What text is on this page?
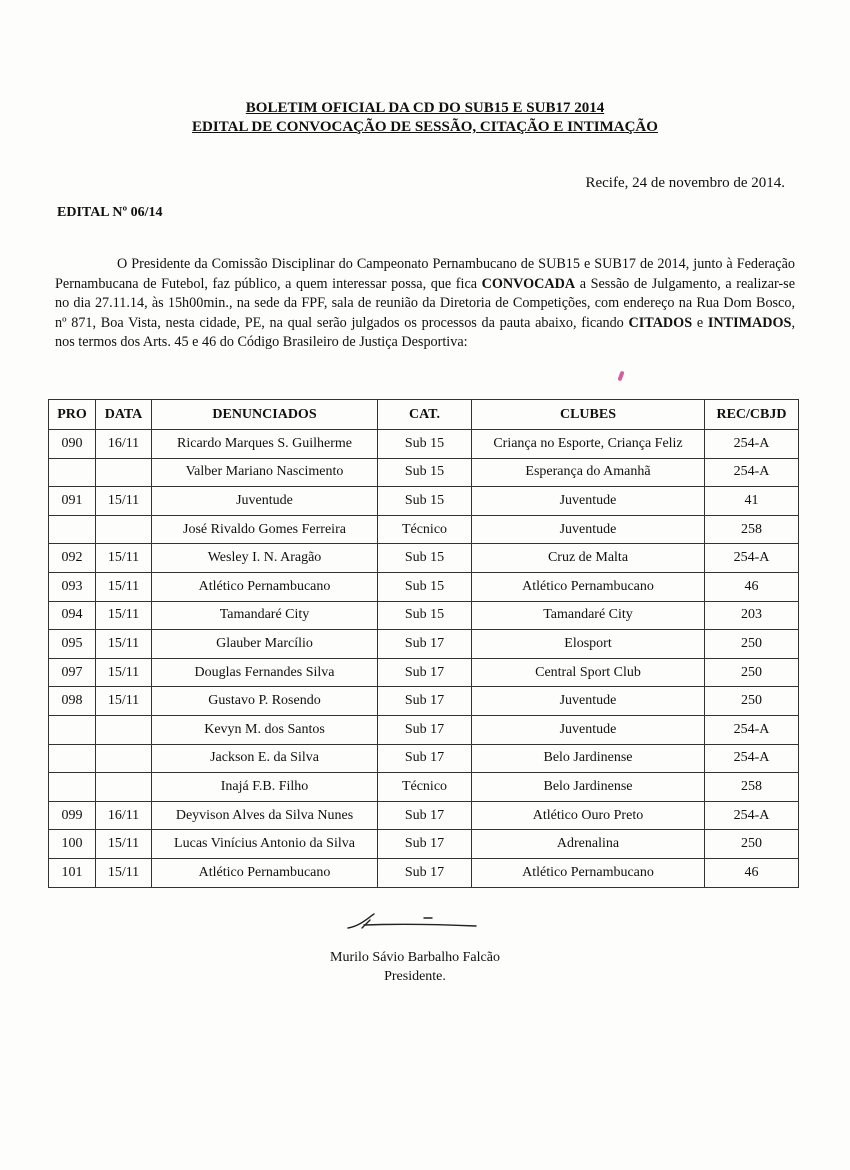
BOLETIM OFICIAL DA CD DO SUB15 E SUB17 2014
EDITAL DE CONVOCAÇÃO DE SESSÃO, CITAÇÃO E INTIMAÇÃO
Recife, 24 de novembro de 2014.
EDITAL Nº 06/14
O Presidente da Comissão Disciplinar do Campeonato Pernambucano de SUB15 e SUB17 de 2014, junto à Federação Pernambucana de Futebol, faz público, a quem interessar possa, que fica CONVOCADA a Sessão de Julgamento, a realizar-se no dia 27.11.14, às 15h00min., na sede da FPF, sala de reunião da Diretoria de Competições, com endereço na Rua Dom Bosco, nº 871, Boa Vista, nesta cidade, PE, na qual serão julgados os processos da pauta abaixo, ficando CITADOS e INTIMADOS, nos termos dos Arts. 45 e 46 do Código Brasileiro de Justiça Desportiva:
PRO	DATA	DENUNCIADOS	CAT.	CLUBES	REC/CBJD
090	16/11	Ricardo Marques S. Guilherme	Sub 15	Criança no Esporte, Criança Feliz	254-A
		Valber Mariano Nascimento	Sub 15	Esperança do Amanhã	254-A
091	15/11	Juventude	Sub 15	Juventude	41
		José Rivaldo Gomes Ferreira	Técnico	Juventude	258
092	15/11	Wesley I. N. Aragão	Sub 15	Cruz de Malta	254-A
093	15/11	Atlético Pernambucano	Sub 15	Atlético Pernambucano	46
094	15/11	Tamandaré City	Sub 15	Tamandaré City	203
095	15/11	Glauber Marcílio	Sub 17	Elosport	250
097	15/11	Douglas Fernandes Silva	Sub 17	Central Sport Club	250
098	15/11	Gustavo P. Rosendo	Sub 17	Juventude	250
		Kevyn M. dos Santos	Sub 17	Juventude	254-A
		Jackson E. da Silva	Sub 17	Belo Jardinense	254-A
		Inajá F.B. Filho	Técnico	Belo Jardinense	258
099	16/11	Deyvison Alves da Silva Nunes	Sub 17	Atlético Ouro Preto	254-A
100	15/11	Lucas Vinícius Antonio da Silva	Sub 17	Adrenalina	250
101	15/11	Atlético Pernambucano	Sub 17	Atlético Pernambucano	46
Murilo Sávio Barbalho Falcão
Presidente.
